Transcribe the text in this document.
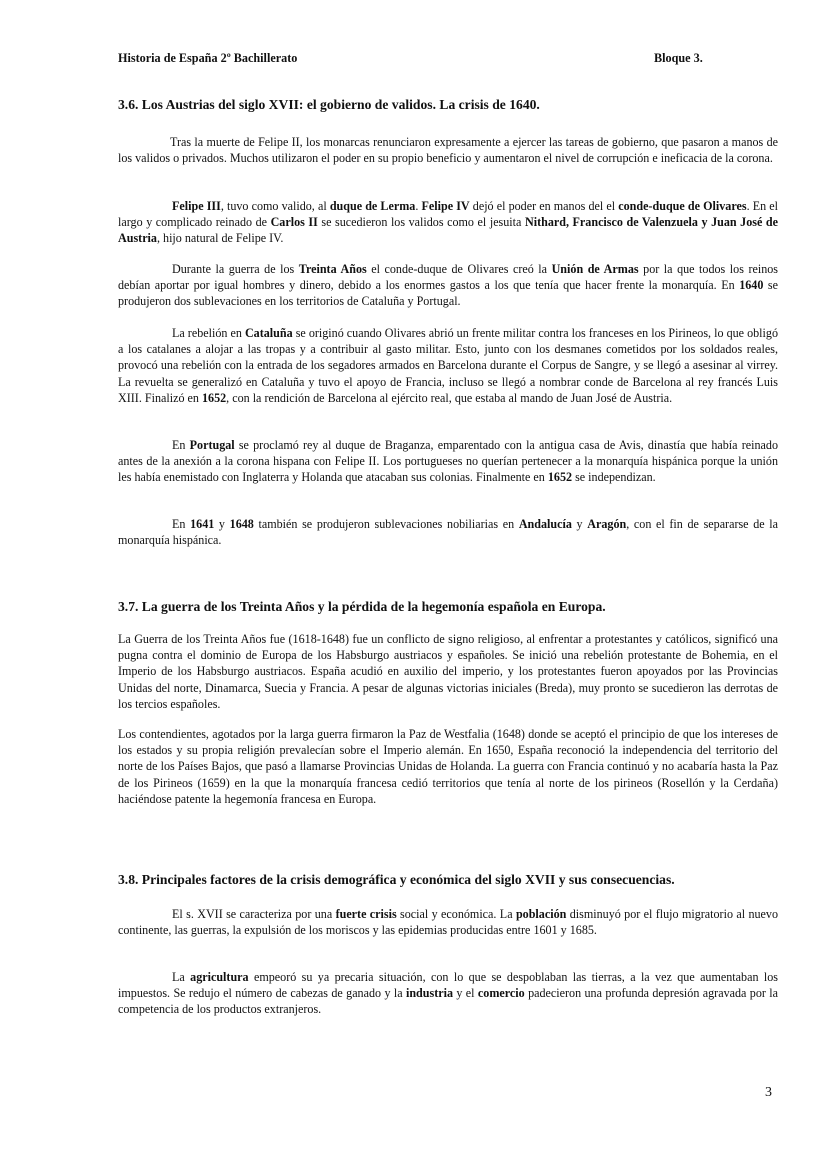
Historia de España 2º Bachillerato	Bloque 3.
3.6. Los Austrias del siglo XVII: el gobierno de validos. La crisis de 1640.
Tras la muerte de Felipe II, los monarcas renunciaron expresamente a ejercer las tareas de gobierno, que pasaron a manos de los validos o privados. Muchos utilizaron el poder en su propio beneficio y aumentaron el nivel de corrupción e ineficacia de la corona.
Felipe III, tuvo como valido, al duque de Lerma. Felipe IV dejó el poder en manos del el conde-duque de Olivares. En el largo y complicado reinado de Carlos II se sucedieron los validos como el jesuita Nithard, Francisco de Valenzuela y Juan José de Austria, hijo natural de Felipe IV.
Durante la guerra de los Treinta Años el conde-duque de Olivares creó la Unión de Armas por la que todos los reinos debían aportar por igual hombres y dinero, debido a los enormes gastos a los que tenía que hacer frente la monarquía. En 1640 se produjeron dos sublevaciones en los territorios de Cataluña y Portugal.
La rebelión en Cataluña se originó cuando Olivares abrió un frente militar contra los franceses en los Pirineos, lo que obligó a los catalanes a alojar a las tropas y a contribuir al gasto militar. Esto, junto con los desmanes cometidos por los soldados reales, provocó una rebelión con la entrada de los segadores armados en Barcelona durante el Corpus de Sangre, y se llegó a asesinar al virrey. La revuelta se generalizó en Cataluña y tuvo el apoyo de Francia, incluso se llegó a nombrar conde de Barcelona al rey francés Luis XIII. Finalizó en 1652, con la rendición de Barcelona al ejército real, que estaba al mando de Juan José de Austria.
En Portugal se proclamó rey al duque de Braganza, emparentado con la antigua casa de Avis, dinastía que había reinado antes de la anexión a la corona hispana con Felipe II. Los portugueses no querían pertenecer a la monarquía hispánica porque la unión les había enemistado con Inglaterra y Holanda que atacaban sus colonias. Finalmente en 1652 se independizan.
En 1641 y 1648 también se produjeron sublevaciones nobiliarias en Andalucía y Aragón, con el fin de separarse de la monarquía hispánica.
3.7. La guerra de los Treinta Años y la pérdida de la hegemonía española en Europa.
La Guerra de los Treinta Años fue (1618-1648) fue un conflicto de signo religioso, al enfrentar a protestantes y católicos, significó una pugna contra el dominio de Europa de los Habsburgo austriacos y españoles. Se inició una rebelión protestante de Bohemia, en el Imperio de los Habsburgo austriacos. España acudió en auxilio del imperio, y los protestantes fueron apoyados por las Provincias Unidas del norte, Dinamarca, Suecia y Francia. A pesar de algunas victorias iniciales (Breda), muy pronto se sucedieron las derrotas de los tercios españoles.
Los contendientes, agotados por la larga guerra firmaron la Paz de Westfalia (1648) donde se aceptó el principio de que los intereses de los estados y su propia religión prevalecían sobre el Imperio alemán. En 1650, España reconoció la independencia del territorio del norte de los Países Bajos, que pasó a llamarse Provincias Unidas de Holanda. La guerra con Francia continuó y no acabaría hasta la Paz de los Pirineos (1659) en la que la monarquía francesa cedió territorios que tenía al norte de los pirineos (Rosellón y la Cerdaña) haciéndose patente la hegemonía francesa en Europa.
3.8. Principales factores de la crisis demográfica y económica del siglo XVII y sus consecuencias.
El s. XVII se caracteriza por una fuerte crisis social y económica. La población disminuyó por el flujo migratorio al nuevo continente, las guerras, la expulsión de los moriscos y las epidemias producidas entre 1601 y 1685.
La agricultura empeoró su ya precaria situación, con lo que se despoblaban las tierras, a la vez que aumentaban los impuestos. Se redujo el número de cabezas de ganado y la industria y el comercio padecieron una profunda depresión agravada por la competencia de los productos extranjeros.
3
